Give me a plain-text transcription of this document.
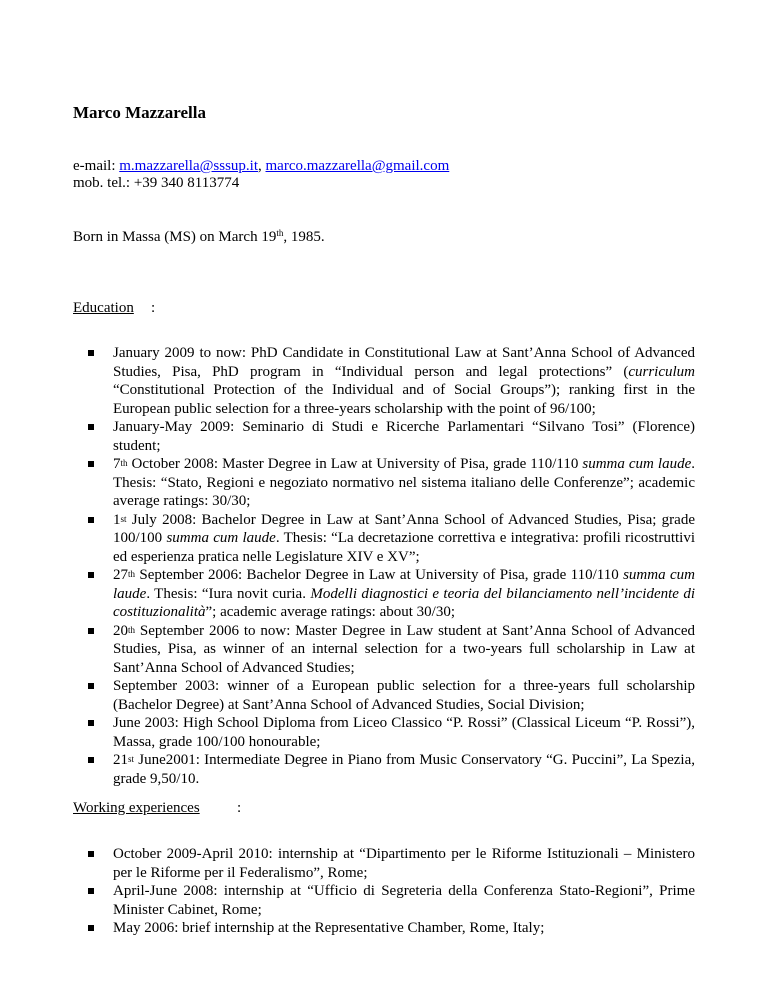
Marco Mazzarella
e-mail: m.mazzarella@sssup.it, marco.mazzarella@gmail.com
mob. tel.: +39 340 8113774
Born in Massa (MS) on March 19th, 1985.
Education :
January 2009 to now: PhD Candidate in Constitutional Law at Sant’Anna School of Advanced Studies, Pisa, PhD program in “Individual person and legal protections” (curriculum “Constitutional Protection of the Individual and of Social Groups”); ranking first in the European public selection for a three-years scholarship with the point of 96/100;
January-May 2009: Seminario di Studi e Ricerche Parlamentari “Silvano Tosi” (Florence) student;
7th October 2008: Master Degree in Law at University of Pisa, grade 110/110 summa cum laude. Thesis: “Stato, Regioni e negoziato normativo nel sistema italiano delle Conferenze”; academic average ratings: 30/30;
1st July 2008: Bachelor Degree in Law at Sant’Anna School of Advanced Studies, Pisa; grade 100/100 summa cum laude. Thesis: “La decretazione correttiva e integrativa: profili ricostruttivi ed esperienza pratica nelle Legislature XIV e XV”;
27th September 2006: Bachelor Degree in Law at University of Pisa, grade 110/110 summa cum laude. Thesis: “Iura novit curia. Modelli diagnostici e teoria del bilanciamento nell’incidente di costituzionalità”; academic average ratings: about 30/30;
20th September 2006 to now: Master Degree in Law student at Sant’Anna School of Advanced Studies, Pisa, as winner of an internal selection for a two-years full scholarship in Law at Sant’Anna School of Advanced Studies;
September 2003: winner of a European public selection for a three-years full scholarship (Bachelor Degree) at Sant’Anna School of Advanced Studies, Social Division;
June 2003: High School Diploma from Liceo Classico “P. Rossi” (Classical Liceum “P. Rossi”), Massa, grade 100/100 honourable;
21st June2001: Intermediate Degree in Piano from Music Conservatory “G. Puccini”, La Spezia, grade 9,50/10.
Working experiences :
October 2009-April 2010: internship at “Dipartimento per le Riforme Istituzionali – Ministero per le Riforme per il Federalismo”, Rome;
April-June 2008: internship at “Ufficio di Segreteria della Conferenza Stato-Regioni”, Prime Minister Cabinet, Rome;
May 2006: brief internship at the Representative Chamber, Rome, Italy;
